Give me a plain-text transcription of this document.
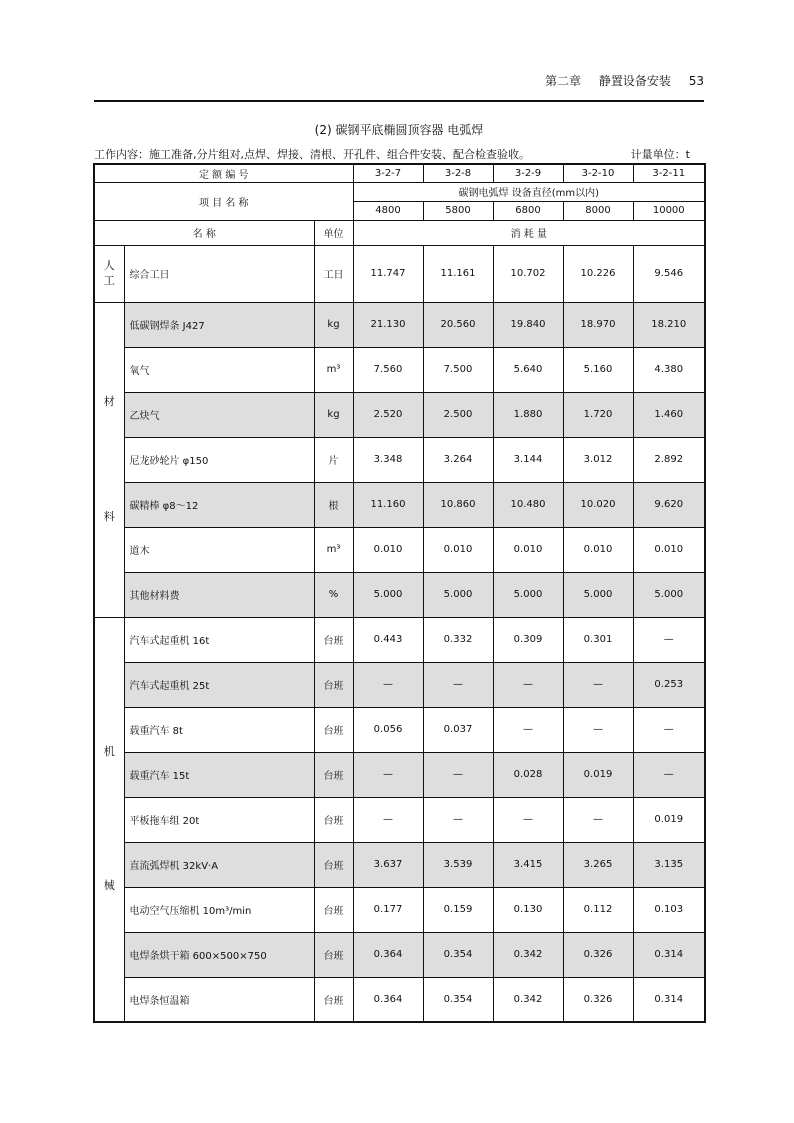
第二章 静置设备安装 53
(2) 碳钢平底椭圆顶容器 电弧焊
工作内容：施工准备,分片组对,点焊、焊接、清根、开孔件、组合件安装、配合检查验收。	计量单位：t
定 额 编 号			3-2-7	3-2-8	3-2-9	3-2-10	3-2-11
项 目 名 称			碳钢电弧焊 设备直径(mm以内)				
			4800	5800	6800	8000	10000
名 称		单位	消 耗 量				

人
工	综合工日	工日	11.747	11.161	10.702	10.226	9.546

材
料	低碳钢焊条 J427	kg	21.130	20.560	19.840	18.970	18.210
	氧气	m³	7.560	7.500	5.640	5.160	4.380
	乙炔气	kg	2.520	2.500	1.880	1.720	1.460
	尼龙砂轮片 φ150	片	3.348	3.264	3.144	3.012	2.892
	碳精棒 φ8～12	根	11.160	10.860	10.480	10.020	9.620
	道木	m³	0.010	0.010	0.010	0.010	0.010
	其他材料费	%	5.000	5.000	5.000	5.000	5.000

机
械	汽车式起重机 16t	台班	0.443	0.332	0.309	0.301	—
	汽车式起重机 25t	台班	—	—	—	—	0.253
	载重汽车 8t	台班	0.056	0.037	—	—	—
	载重汽车 15t	台班	—	—	0.028	0.019	—
	平板拖车组 20t	台班	—	—	—	—	0.019
	直流弧焊机 32kV·A	台班	3.637	3.539	3.415	3.265	3.135
	电动空气压缩机 10m³/min	台班	0.177	0.159	0.130	0.112	0.103
	电焊条烘干箱 600×500×750	台班	0.364	0.354	0.342	0.326	0.314
	电焊条恒温箱	台班	0.364	0.354	0.342	0.326	0.314
